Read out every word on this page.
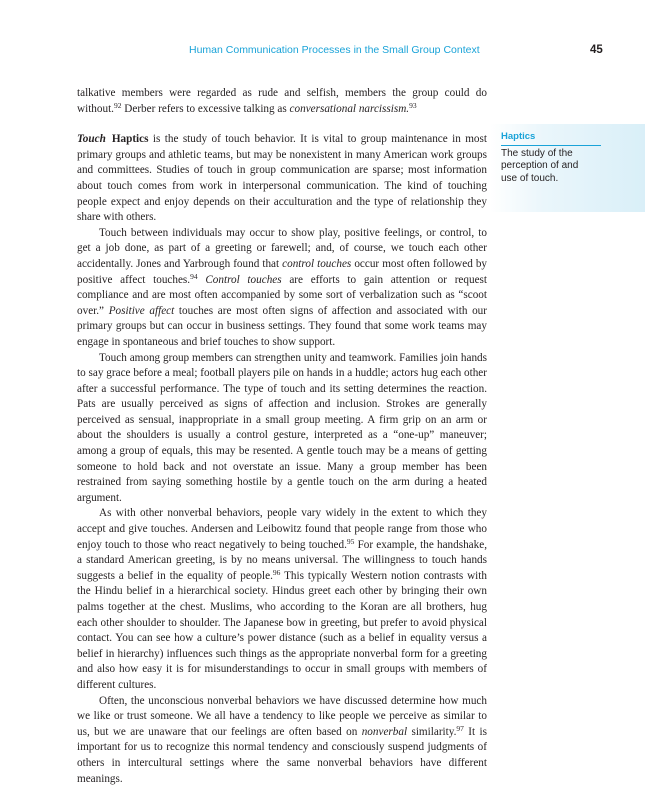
Human Communication Processes in the Small Group Context	45

talkative members were regarded as rude and selfish, members the group could do without.$^{92}$ Derber refers to excessive talking as conversational narcissism.$^{93}$

Touch Haptics is the study of touch behavior. It is vital to group maintenance in most primary groups and athletic teams, but may be nonexistent in many American work groups and committees. Studies of touch in group communication are sparse; most information about touch comes from work in interpersonal communication. The kind of touching people expect and enjoy depends on their acculturation and the type of relationship they share with others.

Touch between individuals may occur to show play, positive feelings, or control, to get a job done, as part of a greeting or farewell; and, of course, we touch each other accidentally. Jones and Yarbrough found that control touches occur most often followed by positive affect touches.$^{94}$ Control touches are efforts to gain attention or request compliance and are most often accompanied by some sort of verbalization such as “scoot over.” Positive affect touches are most often signs of affection and associated with our primary groups but can occur in business settings. They found that some work teams may engage in spontaneous and brief touches to show support.

Touch among group members can strengthen unity and teamwork. Families join hands to say grace before a meal; football players pile on hands in a huddle; actors hug each other after a successful performance. The type of touch and its setting determines the reaction. Pats are usually perceived as signs of affection and inclusion. Strokes are generally perceived as sensual, inappropriate in a small group meeting. A firm grip on an arm or about the shoulders is usually a control gesture, interpreted as a “one-up” maneuver; among a group of equals, this may be resented. A gentle touch may be a means of getting someone to hold back and not overstate an issue. Many a group member has been restrained from saying something hostile by a gentle touch on the arm during a heated argument.

As with other nonverbal behaviors, people vary widely in the extent to which they accept and give touches. Andersen and Leibowitz found that people range from those who enjoy touch to those who react negatively to being touched.$^{95}$ For example, the handshake, a standard American greeting, is by no means universal. The willingness to touch hands suggests a belief in the equality of people.$^{96}$ This typically Western notion contrasts with the Hindu belief in a hierarchical society. Hindus greet each other by bringing their own palms together at the chest. Muslims, who according to the Koran are all brothers, hug each other shoulder to shoulder. The Japanese bow in greeting, but prefer to avoid physical contact. You can see how a culture’s power distance (such as a belief in equality versus a belief in hierarchy) influences such things as the appropriate nonverbal form for a greeting and also how easy it is for misunderstandings to occur in small groups with members of different cultures.

Often, the unconscious nonverbal behaviors we have discussed determine how much we like or trust someone. We all have a tendency to like people we perceive as similar to us, but we are unaware that our feelings are often based on nonverbal similarity.$^{97}$ It is important for us to recognize this normal tendency and consciously suspend judgments of others in intercultural settings where the same nonverbal behaviors have different meanings.

Haptics
The study of the perception of and use of touch.
